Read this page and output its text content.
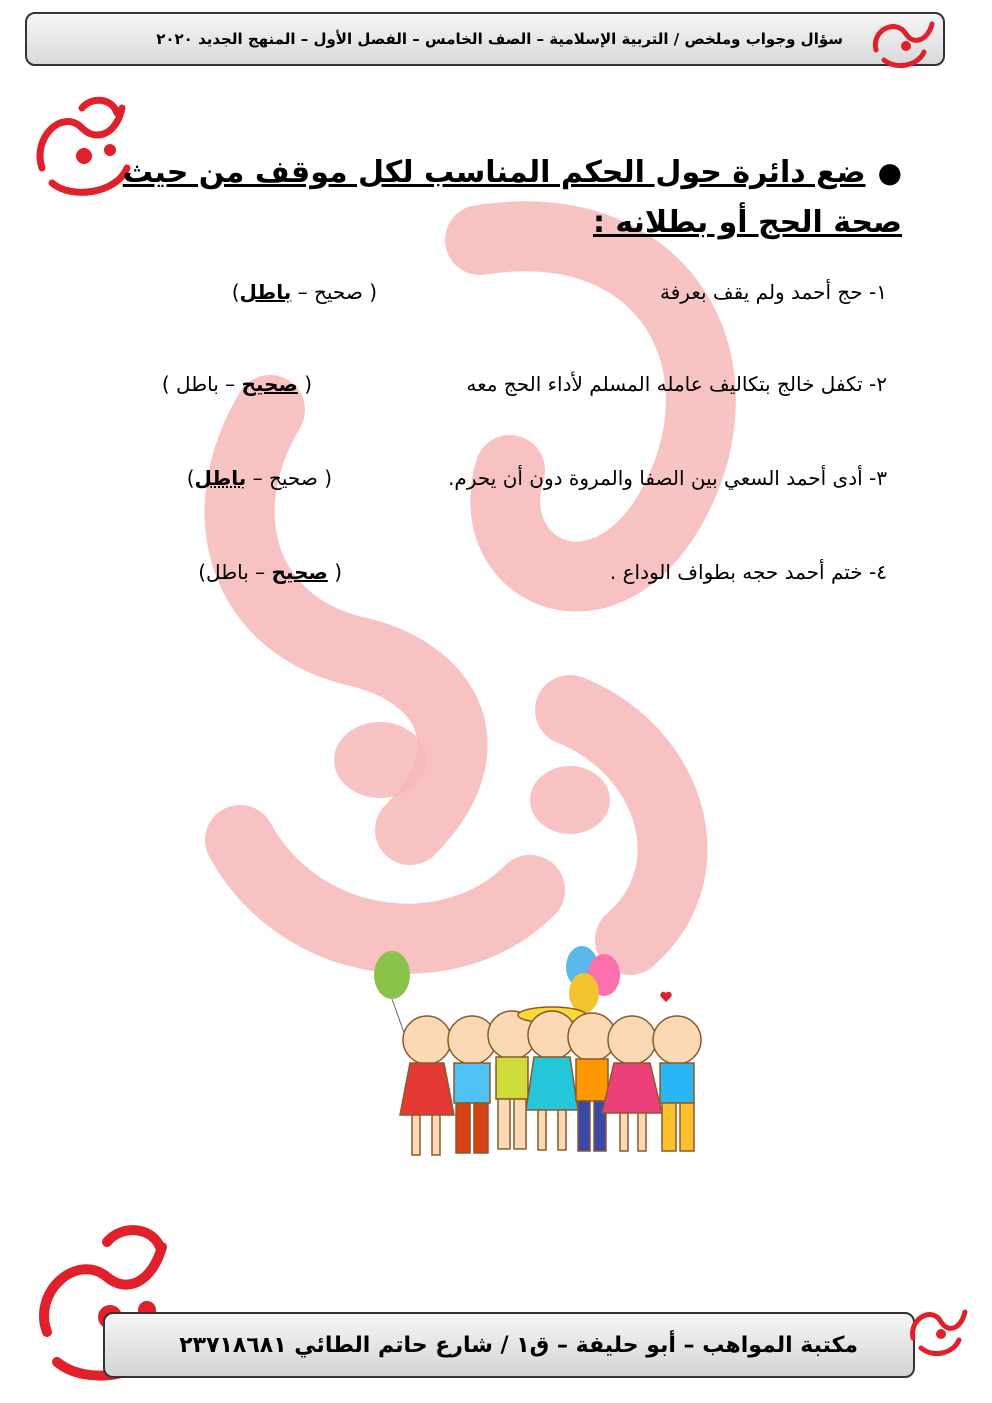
سؤال وجواب وملخص / التربية الإسلامية – الصف الخامس – الفصل الأول – المنهج الجديد ٢٠٢٠
●ضع دائرة حول الحكم المناسب لكل موقف من حيث صحة الحج أو بطلانه :
١- حج أحمد ولم يقف بعرفة
( صحيح – باطل)
٢- تكفل خالج بتكاليف عامله المسلم لأداء الحج معه
( صحيح – باطل )
٣- أدى أحمد السعي بين الصفا والمروة دون أن يحرم.
( صحيح – باطل)
٤- ختم أحمد حجه بطواف الوداع .
( صحيح – باطل)
مكتبة المواهب – أبو حليفة – ق١ / شارع حاتم الطائي ٢٣٧١٨٦٨١
